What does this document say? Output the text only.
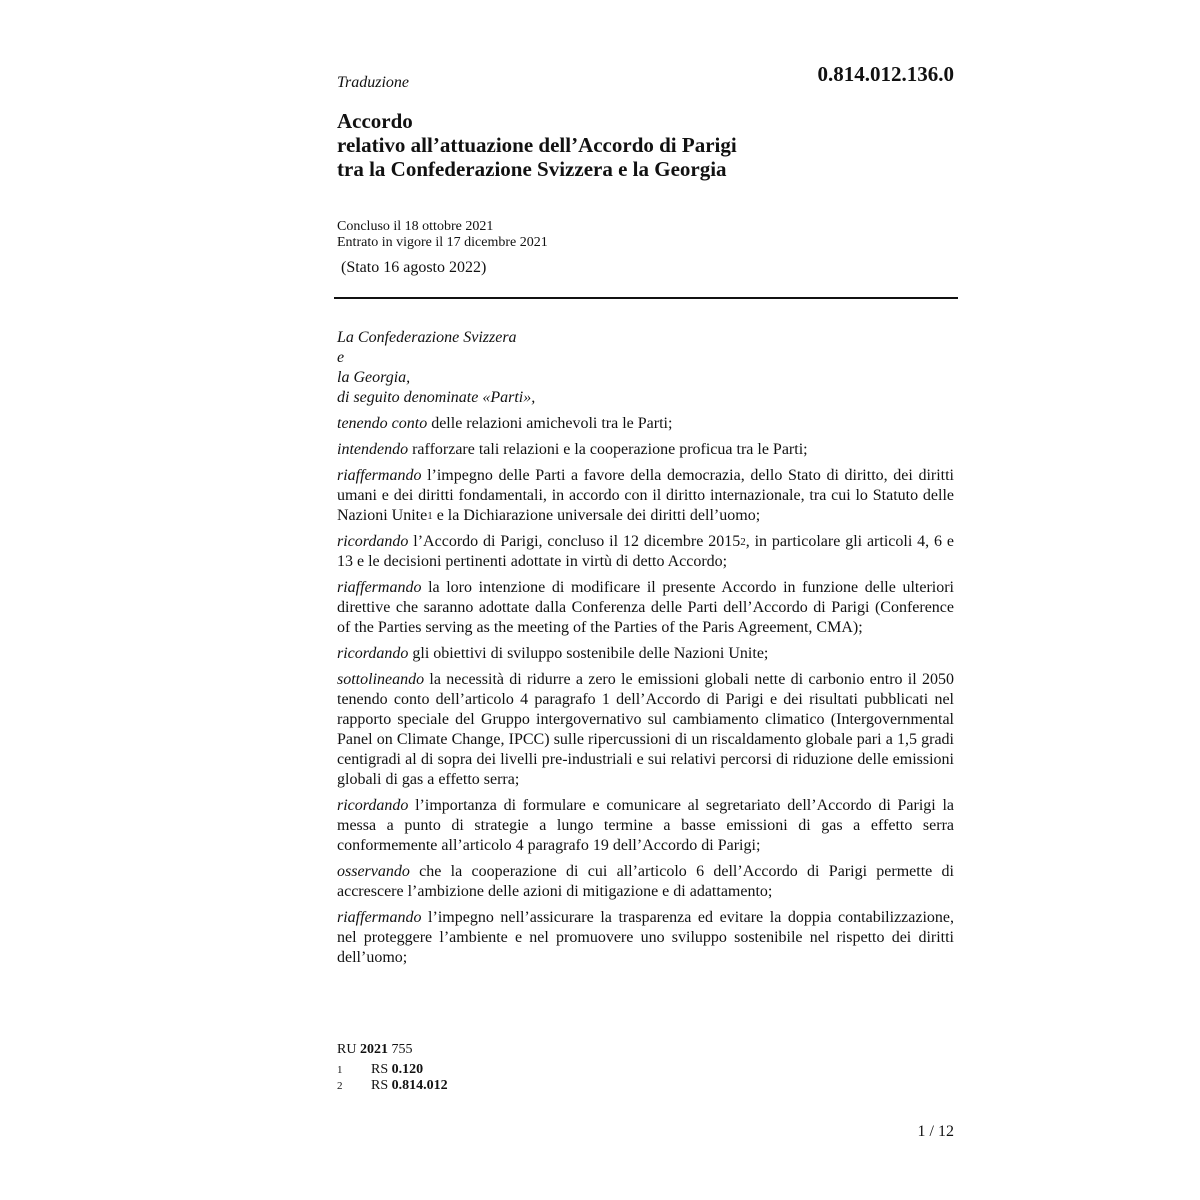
0.814.012.136.0
Traduzione
Accordo
relativo all’attuazione dell’Accordo di Parigi
tra la Confederazione Svizzera e la Georgia
Concluso il 18 ottobre 2021
Entrato in vigore il 17 dicembre 2021
(Stato 16 agosto 2022)

La Confederazione Svizzera
e
la Georgia,
di seguito denominate «Parti»,

tenendo conto delle relazioni amichevoli tra le Parti;

intendendo rafforzare tali relazioni e la cooperazione proficua tra le Parti;

riaffermando l’impegno delle Parti a favore della democrazia, dello Stato di diritto, dei diritti umani e dei diritti fondamentali, in accordo con il diritto internazionale, tra cui lo Statuto delle Nazioni Unite$^1$ e la Dichiarazione universale dei diritti dell’uomo;

ricordando l’Accordo di Parigi, concluso il 12 dicembre 2015$^2$, in particolare gli articoli 4, 6 e 13 e le decisioni pertinenti adottate in virtù di detto Accordo;

riaffermando la loro intenzione di modificare il presente Accordo in funzione delle ulteriori direttive che saranno adottate dalla Conferenza delle Parti dell’Accordo di Parigi (Conference of the Parties serving as the meeting of the Parties of the Paris Agreement, CMA);

ricordando gli obiettivi di sviluppo sostenibile delle Nazioni Unite;

sottolineando la necessità di ridurre a zero le emissioni globali nette di carbonio entro il 2050 tenendo conto dell’articolo 4 paragrafo 1 dell’Accordo di Parigi e dei risultati pubblicati nel rapporto speciale del Gruppo intergovernativo sul cambiamento climatico (Intergovernmental Panel on Climate Change, IPCC) sulle ripercussioni di un riscaldamento globale pari a 1,5 gradi centigradi al di sopra dei livelli pre-industriali e sui relativi percorsi di riduzione delle emissioni globali di gas a effetto serra;

ricordando l’importanza di formulare e comunicare al segretariato dell’Accordo di Parigi la messa a punto di strategie a lungo termine a basse emissioni di gas a effetto serra conformemente all’articolo 4 paragrafo 19 dell’Accordo di Parigi;

osservando che la cooperazione di cui all’articolo 6 dell’Accordo di Parigi permette di accrescere l’ambizione delle azioni di mitigazione e di adattamento;

riaffermando l’impegno nell’assicurare la trasparenza ed evitare la doppia contabilizzazione, nel proteggere l’ambiente e nel promuovere uno sviluppo sostenibile nel rispetto dei diritti dell’uomo;

RU 2021 755
1	RS 0.120
2	RS 0.814.012
1 / 12
